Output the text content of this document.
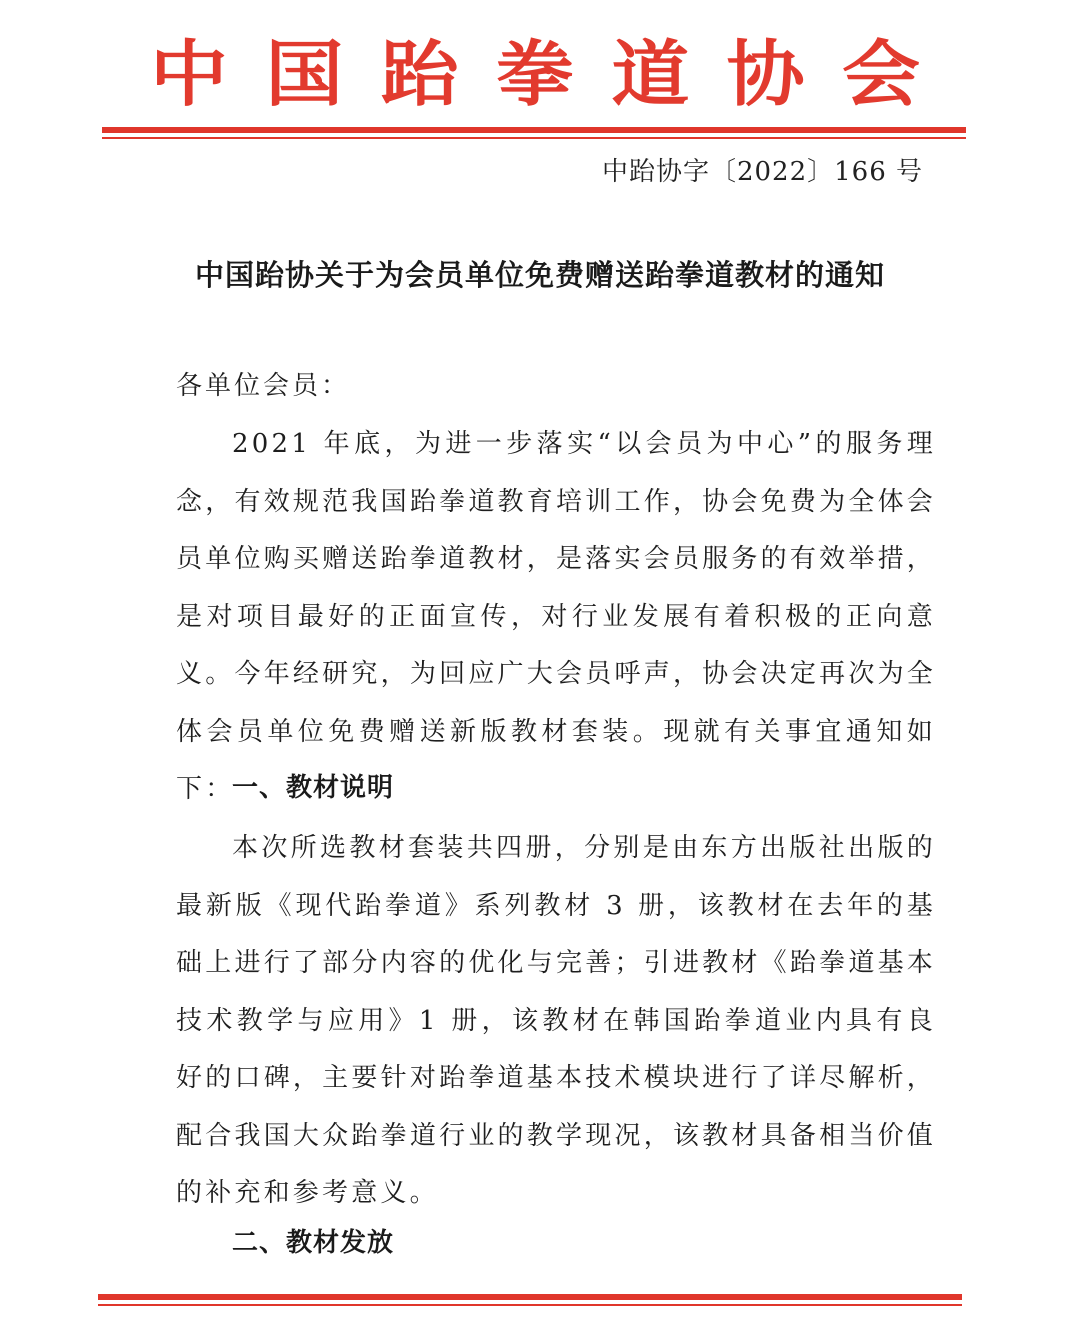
中 国 跆 拳 道 协 会
中跆协字〔2022〕166 号
中国跆协关于为会员单位免费赠送跆拳道教材的通知
各单位会员：

2021 年底，为进一步落实“以会员为中心”的服务理念，有效规范我国跆拳道教育培训工作，协会免费为全体会员单位购买赠送跆拳道教材，是落实会员服务的有效举措，是对项目最好的正面宣传，对行业发展有着积极的正向意义。今年经研究，为回应广大会员呼声，协会决定再次为全体会员单位免费赠送新版教材套装。现就有关事宜通知如下：

一、教材说明

本次所选教材套装共四册，分别是由东方出版社出版的最新版《现代跆拳道》系列教材 3 册，该教材在去年的基础上进行了部分内容的优化与完善；引进教材《跆拳道基本技术教学与应用》1 册，该教材在韩国跆拳道业内具有良好的口碑，主要针对跆拳道基本技术模块进行了详尽解析，配合我国大众跆拳道行业的教学现况，该教材具备相当价值的补充和参考意义。

二、教材发放
